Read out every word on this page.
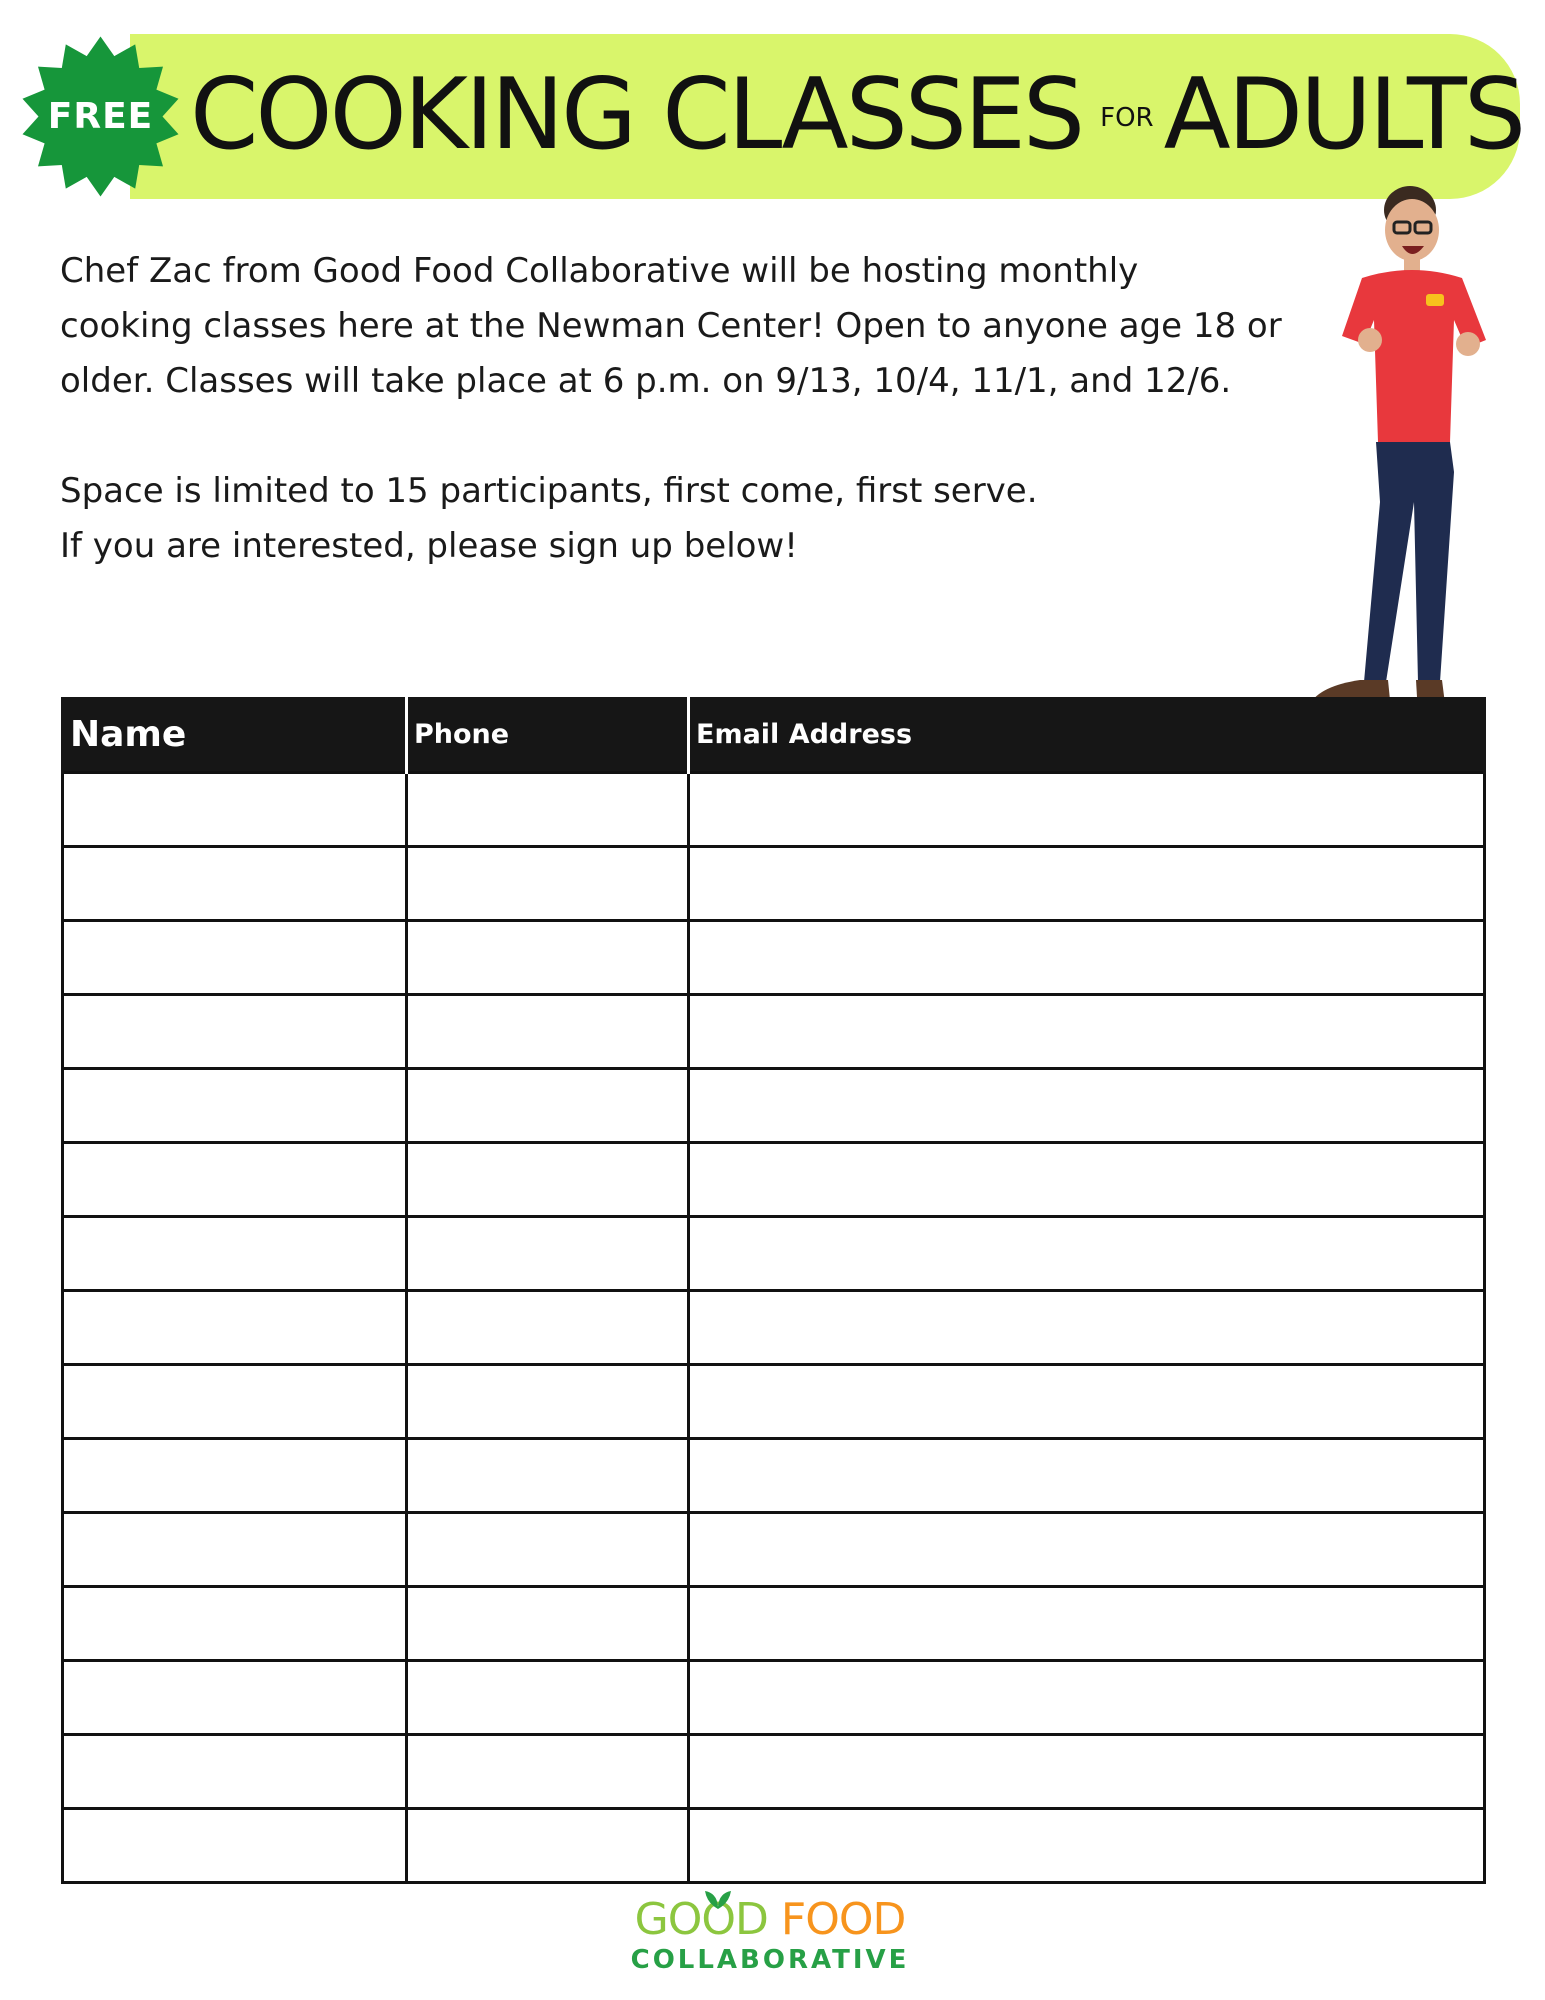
FREE COOKING CLASSES FOR ADULTS

Chef Zac from Good Food Collaborative will be hosting monthly

cooking classes here at the Newman Center! Open to anyone age 18 or

older. Classes will take place at 6 p.m. on 9/13, 10/4, 11/1, and 12/6.

Space is limited to 15 participants, first come, first serve.

If you are interested, please sign up below!

Name	Phone	Email Address

GOOD FOOD
COLLABORATIVE
